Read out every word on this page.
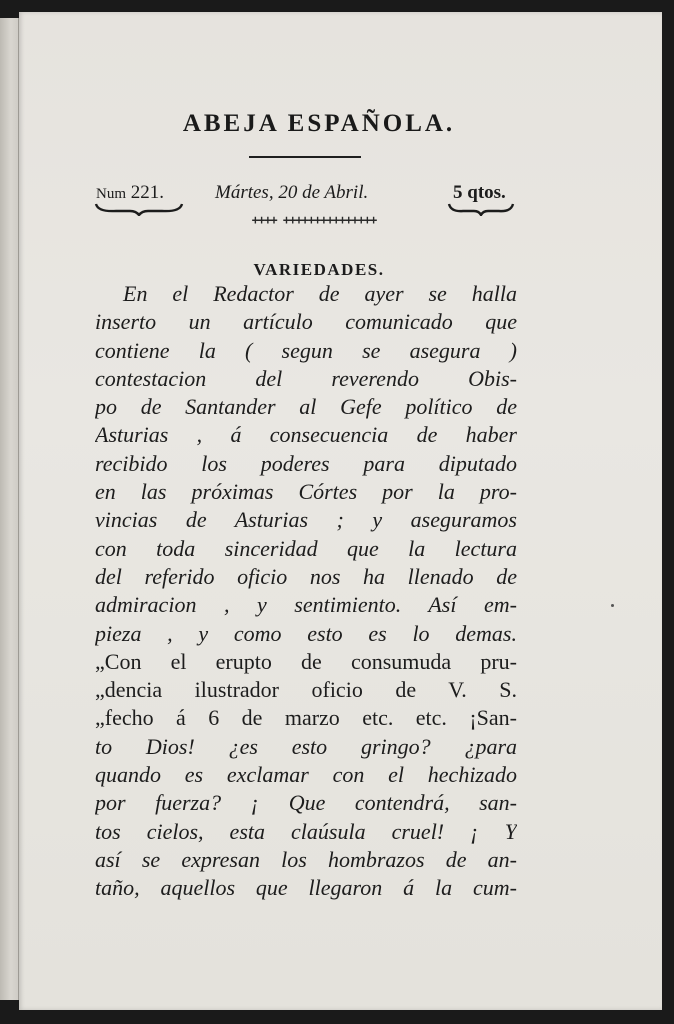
ABEJA ESPAÑOLA.
Num 221.	Mártes, 20 de Abril.	5 qtos.
++++ +++++++++++++++
VARIEDADES.
En el Redactor de ayer se halla
inserto un artículo comunicado que
contiene la ( segun se asegura )
contestacion del reverendo Obis-
po de Santander al Gefe político de
Asturias , á consecuencia de haber
recibido los poderes para diputado
en las próximas Córtes por la pro-
vincias de Asturias ; y aseguramos
con toda sinceridad que la lectura
del referido oficio nos ha llenado de
admiracion , y sentimiento. Así em-
pieza , y como esto es lo demas.
„Con el erupto de consumuda pru-
„dencia ilustrador oficio de V. S.
„fecho á 6 de marzo etc. etc. ¡San-
to Dios! ¿es esto gringo? ¿para
quando es exclamar con el hechizado
por fuerza? ¡ Que contendrá, san-
tos cielos, esta claúsula cruel! ¡ Y
así se expresan los hombrazos de an-
taño, aquellos que llegaron á la cum-
